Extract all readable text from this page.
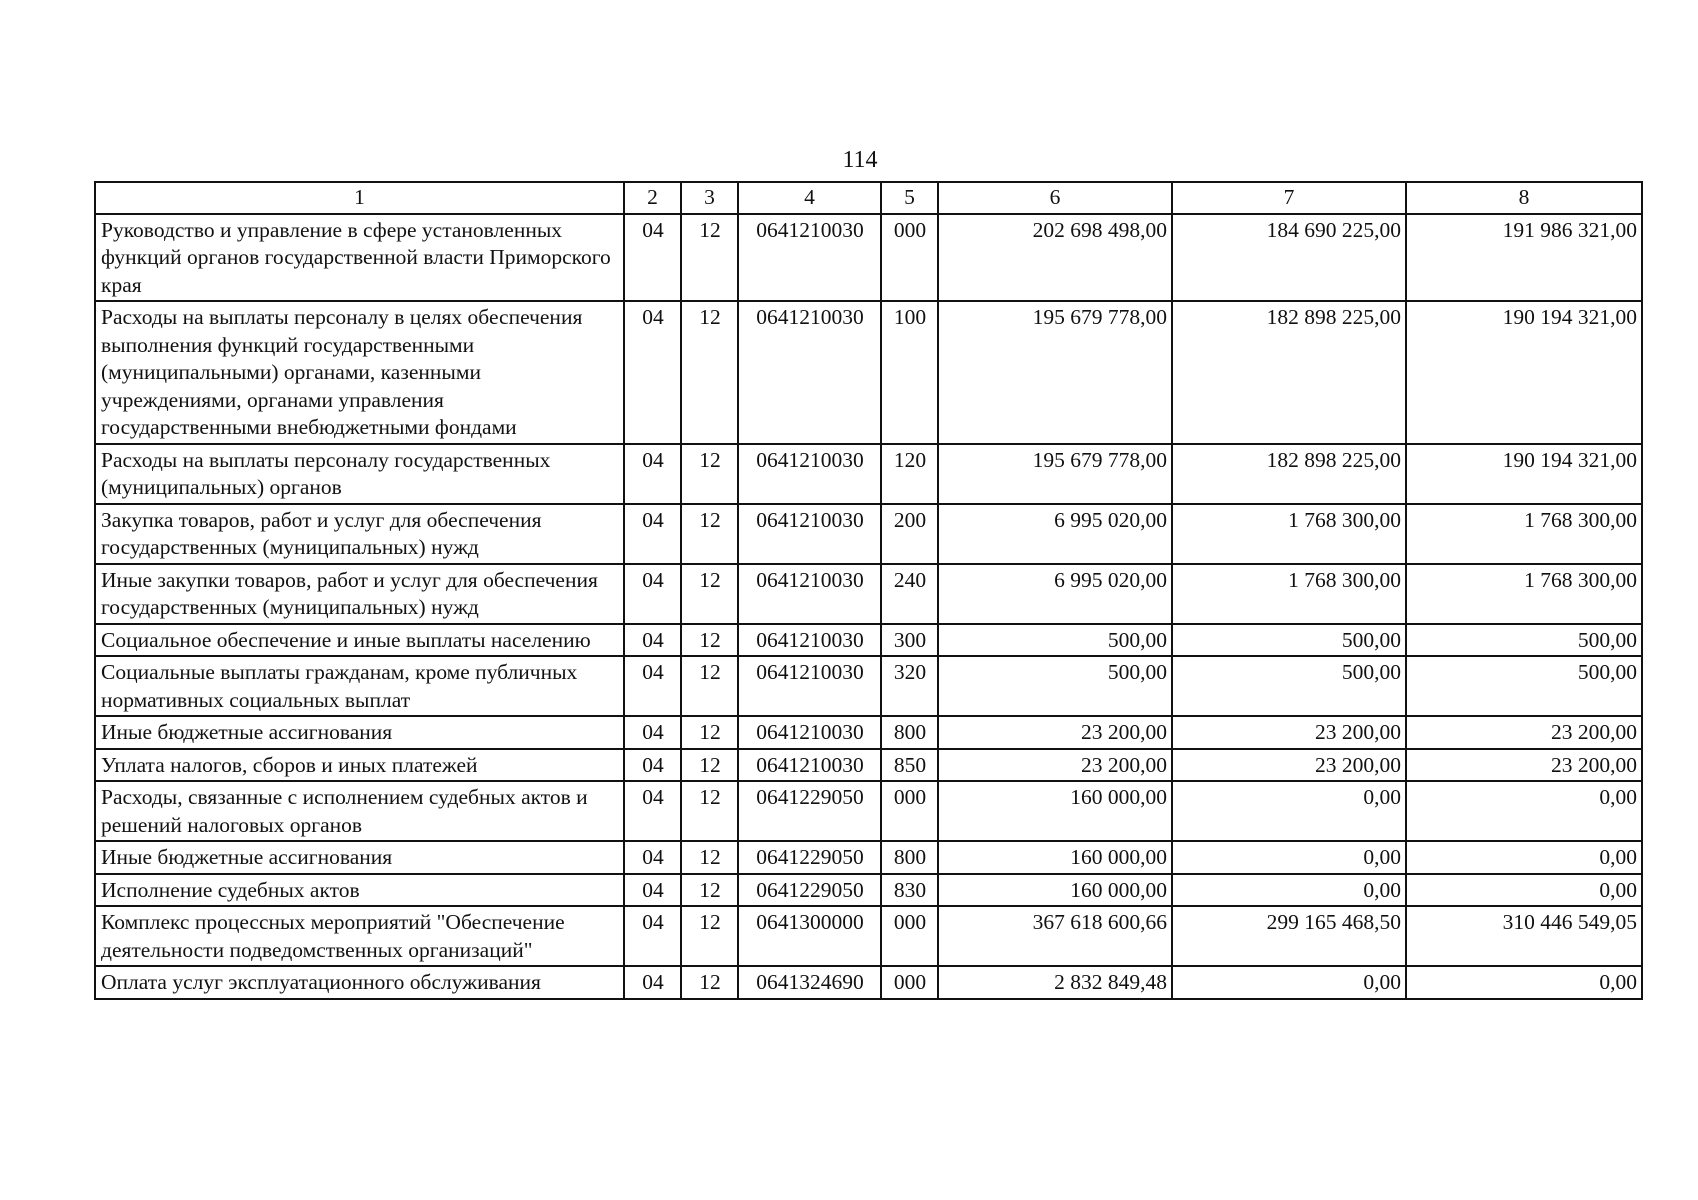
114
1	2	3	4	5	6	7	8
Руководство и управление в сфере установленных функций органов государственной власти Приморского края	04	12	0641210030	000	202 698 498,00	184 690 225,00	191 986 321,00
Расходы на выплаты персоналу в целях обеспечения выполнения функций государственными (муниципальными) органами, казенными учреждениями, органами управления государственными внебюджетными фондами	04	12	0641210030	100	195 679 778,00	182 898 225,00	190 194 321,00
Расходы на выплаты персоналу государственных (муниципальных) органов	04	12	0641210030	120	195 679 778,00	182 898 225,00	190 194 321,00
Закупка товаров, работ и услуг для обеспечения государственных (муниципальных) нужд	04	12	0641210030	200	6 995 020,00	1 768 300,00	1 768 300,00
Иные закупки товаров, работ и услуг для обеспечения государственных (муниципальных) нужд	04	12	0641210030	240	6 995 020,00	1 768 300,00	1 768 300,00
Социальное обеспечение и иные выплаты населению	04	12	0641210030	300	500,00	500,00	500,00
Социальные выплаты гражданам, кроме публичных нормативных социальных выплат	04	12	0641210030	320	500,00	500,00	500,00
Иные бюджетные ассигнования	04	12	0641210030	800	23 200,00	23 200,00	23 200,00
Уплата налогов, сборов и иных платежей	04	12	0641210030	850	23 200,00	23 200,00	23 200,00
Расходы, связанные с исполнением судебных актов и решений налоговых органов	04	12	0641229050	000	160 000,00	0,00	0,00
Иные бюджетные ассигнования	04	12	0641229050	800	160 000,00	0,00	0,00
Исполнение судебных актов	04	12	0641229050	830	160 000,00	0,00	0,00
Комплекс процессных мероприятий "Обеспечение деятельности подведомственных организаций"	04	12	0641300000	000	367 618 600,66	299 165 468,50	310 446 549,05
Оплата услуг эксплуатационного обслуживания	04	12	0641324690	000	2 832 849,48	0,00	0,00
